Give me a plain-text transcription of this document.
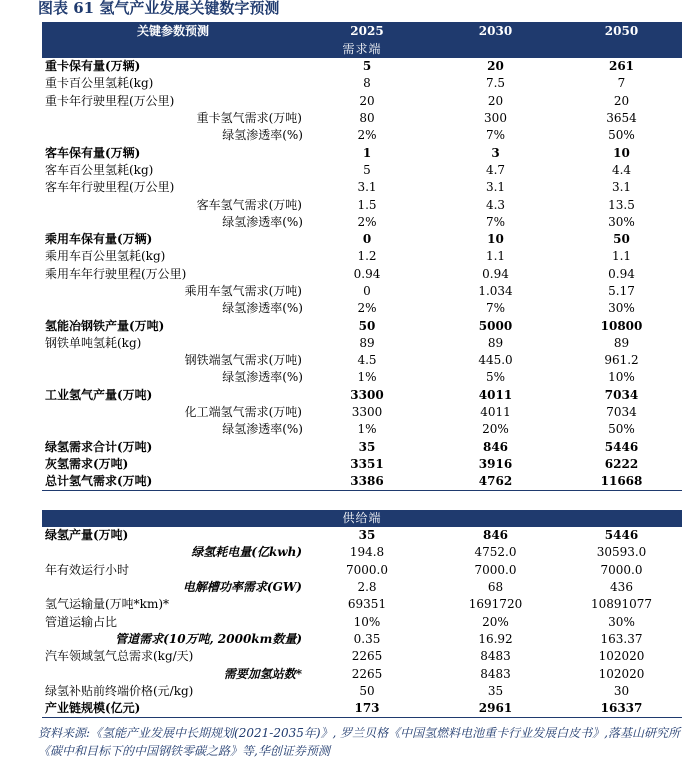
图表 61 氢气产业发展关键数字预测
关键参数预测	2025	2030	2050
需求端			
重卡保有量(万辆)	5	20	261
重卡百公里氢耗(kg)	8	7.5	7
重卡年行驶里程(万公里)	20	20	20
重卡氢气需求(万吨)	80	300	3654
绿氢渗透率(%)	2%	7%	50%
客车保有量(万辆)	1	3	10
客车百公里氢耗(kg)	5	4.7	4.4
客车年行驶里程(万公里)	3.1	3.1	3.1
客车氢气需求(万吨)	1.5	4.3	13.5
绿氢渗透率(%)	2%	7%	30%
乘用车保有量(万辆)	0	10	50
乘用车百公里氢耗(kg)	1.2	1.1	1.1
乘用车年行驶里程(万公里)	0.94	0.94	0.94
乘用车氢气需求(万吨)	0	1.034	5.17
绿氢渗透率(%)	2%	7%	30%
氢能冶钢铁产量(万吨)	50	5000	10800
钢铁单吨氢耗(kg)	89	89	89
钢铁端氢气需求(万吨)	4.5	445.0	961.2
绿氢渗透率(%)	1%	5%	10%
工业氢气产量(万吨)	3300	4011	7034
化工端氢气需求(万吨)	3300	4011	7034
绿氢渗透率(%)	1%	20%	50%
绿氢需求合计(万吨)	35	846	5446
灰氢需求(万吨)	3351	3916	6222
总计氢气需求(万吨)	3386	4762	11668
供给端			
绿氢产量(万吨)	35	846	5446
绿氢耗电量(亿kwh)	194.8	4752.0	30593.0
年有效运行小时	7000.0	7000.0	7000.0
电解槽功率需求(GW)	2.8	68	436
氢气运输量(万吨*km)*	69351	1691720	10891077
管道运输占比	10%	20%	30%
管道需求(10万吨, 2000km数量)	0.35	16.92	163.37
汽车领域氢气总需求(kg/天)	2265	8483	102020
需要加氢站数*	2265	8483	102020
绿氢补贴前终端价格(元/kg)	50	35	30
产业链规模(亿元)	173	2961	16337
资料来源:《氢能产业发展中长期规划(2021-2035年)》, 罗兰贝格《中国氢燃料电池重卡行业发展白皮书》,落基山研究所《碳中和目标下的中国钢铁零碳之路》等,华创证券预测
